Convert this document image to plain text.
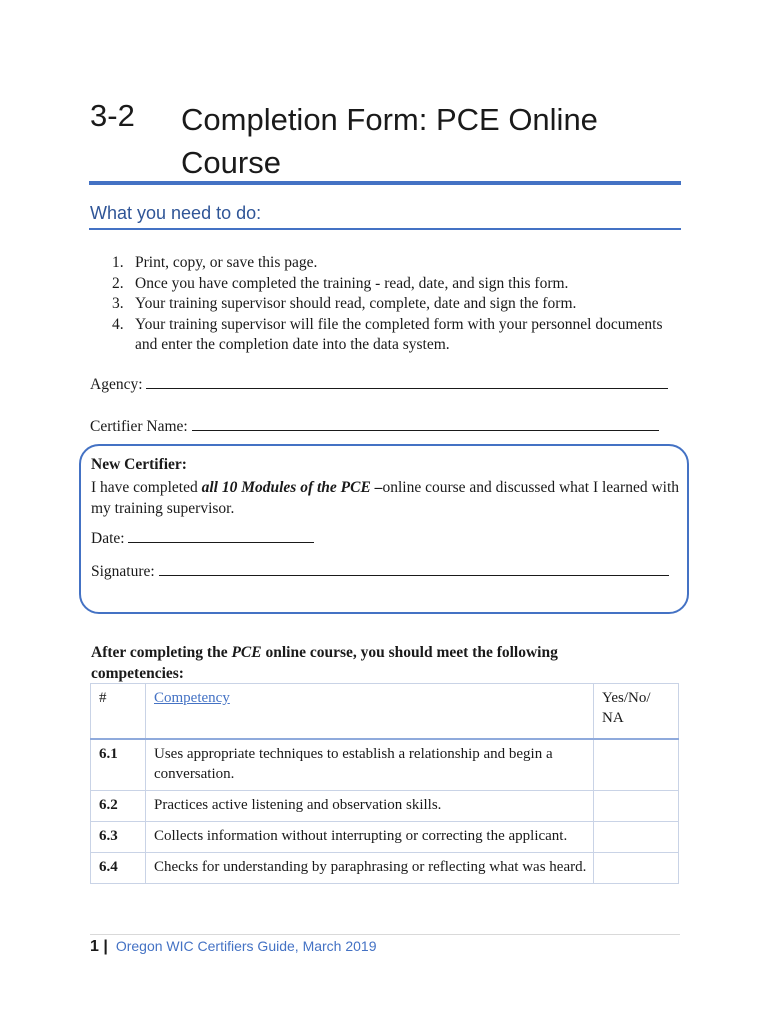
3-2 Completion Form: PCE Online
Course
What you need to do:
1. Print, copy, or save this page.
2. Once you have completed the training - read, date, and sign this form.
3. Your training supervisor should read, complete, date and sign the form.
4. Your training supervisor will file the completed form with your personnel documents and enter the completion date into the data system.
Agency:
Certifier Name:
New Certifier:
I have completed all 10 Modules of the PCE –online course and discussed what I learned with my training supervisor.
Date:
Signature:
After completing the PCE online course, you should meet the following competencies:
#	Competency	Yes/No/ NA
6.1	Uses appropriate techniques to establish a relationship and begin a conversation.	
6.2	Practices active listening and observation skills.	
6.3	Collects information without interrupting or correcting the applicant.	
6.4	Checks for understanding by paraphrasing or reflecting what was heard.	
1 | Oregon WIC Certifiers Guide, March 2019
